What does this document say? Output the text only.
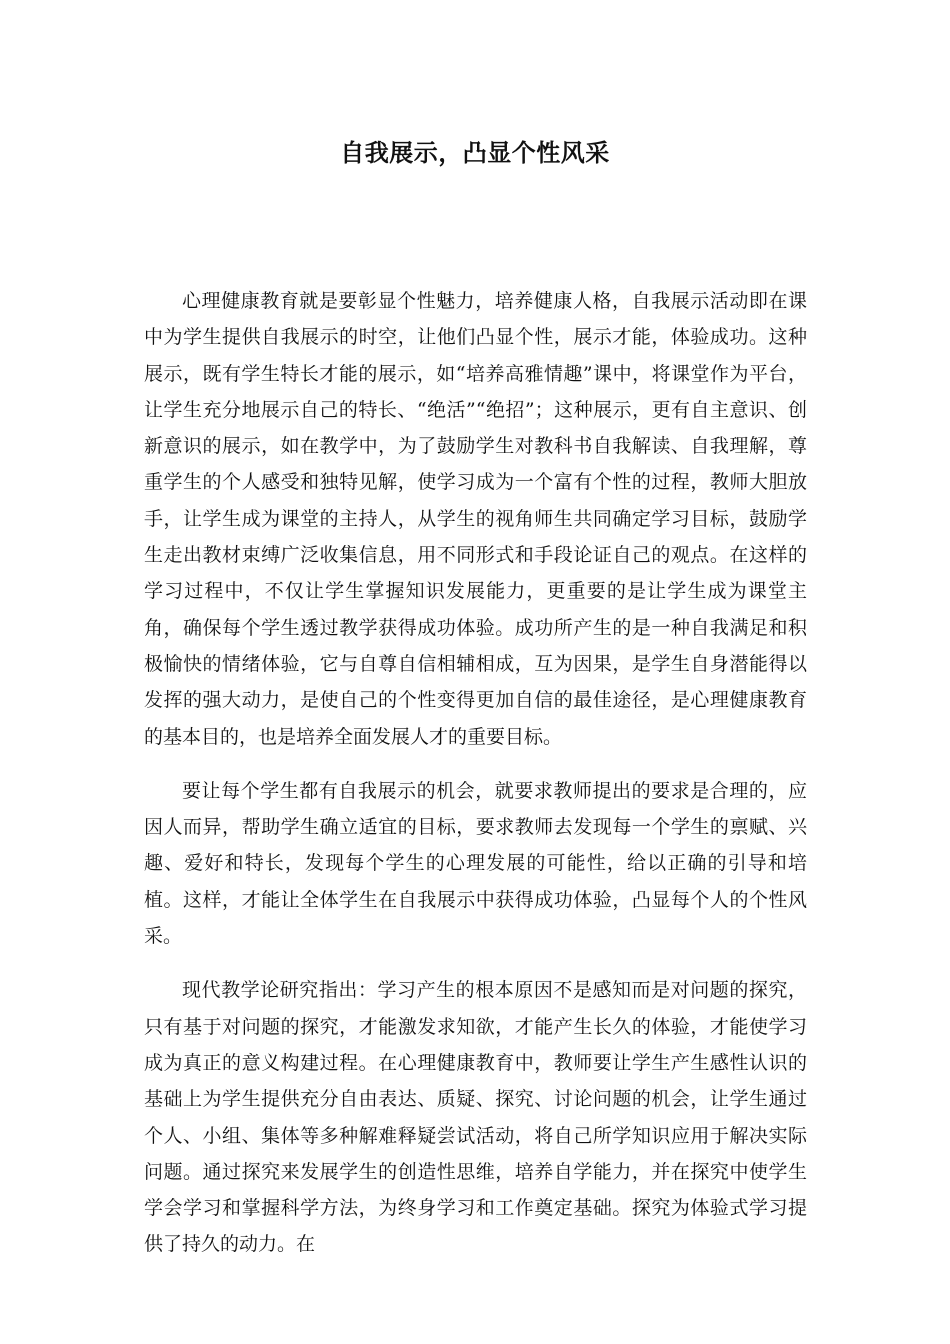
自我展示，凸显个性风采

心理健康教育就是要彰显个性魅力，培养健康人格，自我展示活动即在课中为学生提供自我展示的时空，让他们凸显个性，展示才能，体验成功。这种展示，既有学生特长才能的展示，如“培养高雅情趣”课中，将课堂作为平台，让学生充分地展示自己的特长、“绝活”“绝招”；这种展示，更有自主意识、创新意识的展示，如在教学中，为了鼓励学生对教科书自我解读、自我理解，尊重学生的个人感受和独特见解，使学习成为一个富有个性的过程，教师大胆放手，让学生成为课堂的主持人，从学生的视角师生共同确定学习目标，鼓励学生走出教材束缚广泛收集信息，用不同形式和手段论证自己的观点。在这样的学习过程中，不仅让学生掌握知识发展能力，更重要的是让学生成为课堂主角，确保每个学生透过教学获得成功体验。成功所产生的是一种自我满足和积极愉快的情绪体验，它与自尊自信相辅相成，互为因果，是学生自身潜能得以发挥的强大动力，是使自己的个性变得更加自信的最佳途径，是心理健康教育的基本目的，也是培养全面发展人才的重要目标。

要让每个学生都有自我展示的机会，就要求教师提出的要求是合理的，应因人而异，帮助学生确立适宜的目标，要求教师去发现每一个学生的禀赋、兴趣、爱好和特长，发现每个学生的心理发展的可能性，给以正确的引导和培植。这样，才能让全体学生在自我展示中获得成功体验，凸显每个人的个性风采。

现代教学论研究指出：学习产生的根本原因不是感知而是对问题的探究，只有基于对问题的探究，才能激发求知欲，才能产生长久的体验，才能使学习成为真正的意义构建过程。在心理健康教育中，教师要让学生产生感性认识的基础上为学生提供充分自由表达、质疑、探究、讨论问题的机会，让学生通过个人、小组、集体等多种解难释疑尝试活动，将自己所学知识应用于解决实际问题。通过探究来发展学生的创造性思维，培养自学能力，并在探究中使学生学会学习和掌握科学方法，为终身学习和工作奠定基础。探究为体验式学习提供了持久的动力。在
